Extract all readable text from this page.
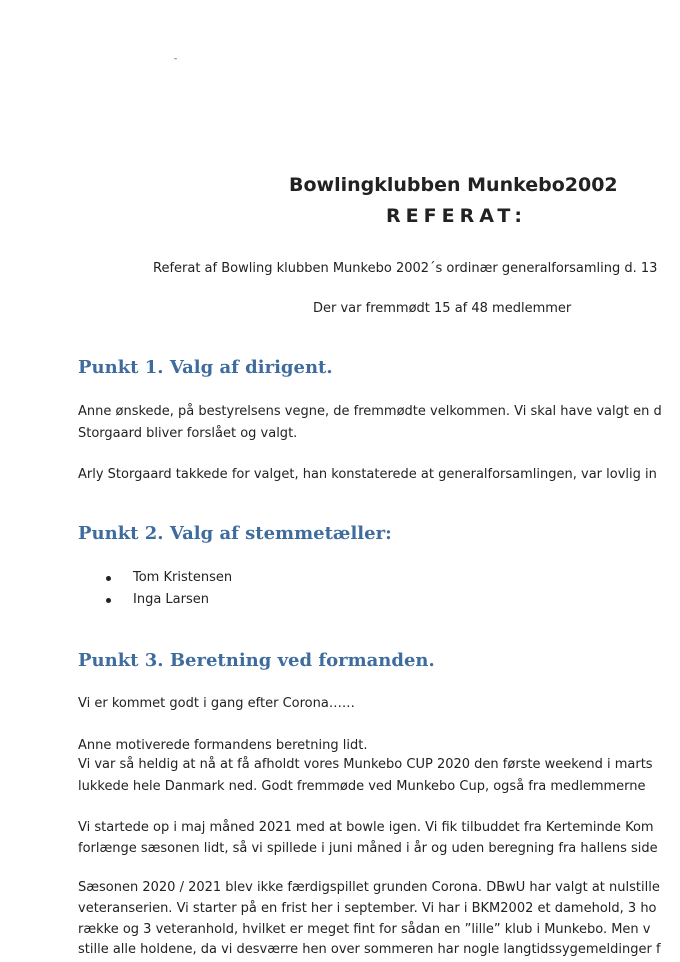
-
Bowlingklubben Munkebo2002
REFERAT:
Referat af Bowling klubben Munkebo 2002´s ordinær generalforsamling d. 13
Der var fremmødt 15 af 48 medlemmer
Punkt 1. Valg af dirigent.
Anne ønskede, på bestyrelsens vegne, de fremmødte velkommen. Vi skal have valgt en d
Storgaard bliver forslået og valgt.
Arly Storgaard takkede for valget, han konstaterede at generalforsamlingen, var lovlig in
Punkt 2. Valg af stemmetæller:
Tom Kristensen
Inga Larsen
Punkt 3. Beretning ved formanden.
Vi er kommet godt i gang efter Corona……
Anne motiverede formandens beretning lidt.
Vi var så heldig at nå at få afholdt vores Munkebo CUP 2020 den første weekend i marts
lukkede hele Danmark ned. Godt fremmøde ved Munkebo Cup, også fra medlemmerne
Vi startede op i maj måned 2021 med at bowle igen. Vi fik tilbuddet fra Kerteminde Kom
forlænge sæsonen lidt, så vi spillede i juni måned i år og uden beregning fra hallens side
Sæsonen 2020 / 2021 blev ikke færdigspillet grunden Corona. DBwU har valgt at nulstille
veteranserien. Vi starter på en frist her i september. Vi har i BKM2002 et damehold, 3 ho
række og 3 veteranhold, hvilket er meget fint for sådan en ”lille” klub i Munkebo. Men v
stille alle holdene, da vi desværre hen over sommeren har nogle langtidssygemeldinger f
